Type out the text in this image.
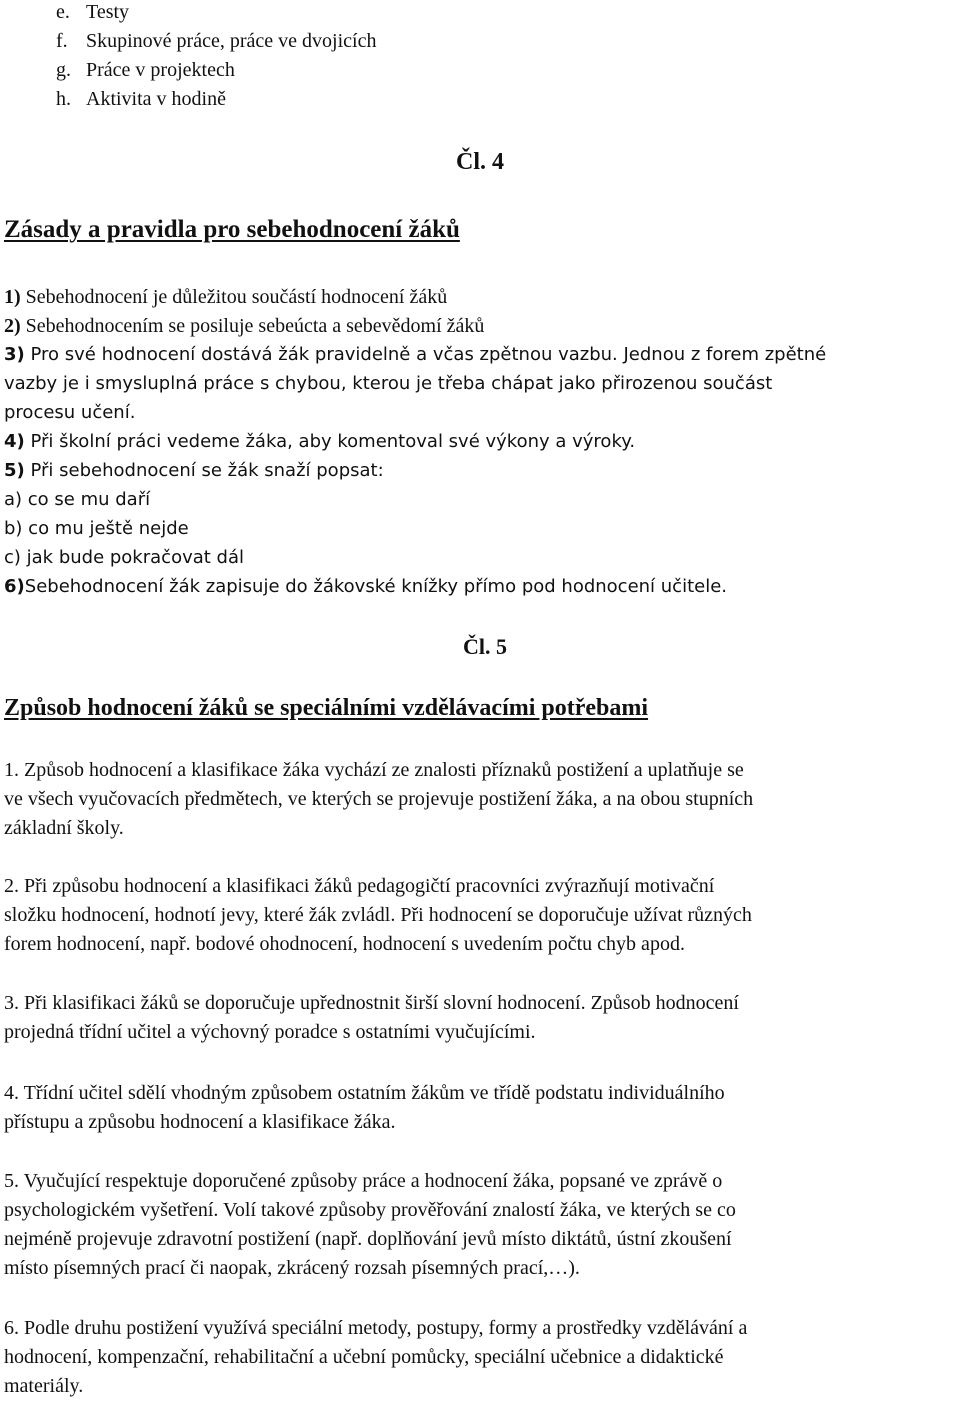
e. Testy
f. Skupinové práce, práce ve dvojicích
g. Práce v projektech
h. Aktivita v hodině
Čl. 4
Zásady a pravidla pro sebehodnocení žáků
1) Sebehodnocení je důležitou součástí hodnocení žáků
2) Sebehodnocením se posiluje sebeúcta a sebevědomí žáků
3) Pro své hodnocení dostává žák pravidelně a včas zpětnou vazbu. Jednou z forem zpětné
vazby je i smysluplná práce s chybou, kterou je třeba chápat jako přirozenou součást
procesu učení.
4) Při školní práci vedeme žáka, aby komentoval své výkony a výroky.
5) Při sebehodnocení se žák snaží popsat:
a) co se mu daří
b) co mu ještě nejde
c) jak bude pokračovat dál
6)Sebehodnocení žák zapisuje do žákovské knížky přímo pod hodnocení učitele.
Čl. 5
Způsob hodnocení žáků se speciálními vzdělávacími potřebami
1. Způsob hodnocení a klasifikace žáka vychází ze znalosti příznaků postižení a uplatňuje se
ve všech vyučovacích předmětech, ve kterých se projevuje postižení žáka, a na obou stupních
základní školy.
2. Při způsobu hodnocení a klasifikaci žáků pedagogičtí pracovníci zvýrazňují motivační
složku hodnocení, hodnotí jevy, které žák zvládl. Při hodnocení se doporučuje užívat různých
forem hodnocení, např. bodové ohodnocení, hodnocení s uvedením počtu chyb apod.
3. Při klasifikaci žáků se doporučuje upřednostnit širší slovní hodnocení. Způsob hodnocení
projedná třídní učitel a výchovný poradce s ostatními vyučujícími.
4. Třídní učitel sdělí vhodným způsobem ostatním žákům ve třídě podstatu individuálního
přístupu a způsobu hodnocení a klasifikace žáka.
5. Vyučující respektuje doporučené způsoby práce a hodnocení žáka, popsané ve zprávě o
psychologickém vyšetření. Volí takové způsoby prověřování znalostí žáka, ve kterých se co
nejméně projevuje zdravotní postižení (např. doplňování jevů místo diktátů, ústní zkoušení
místo písemných prací či naopak, zkrácený rozsah písemných prací,…).
6. Podle druhu postižení využívá speciální metody, postupy, formy a prostředky vzdělávání a
hodnocení, kompenzační, rehabilitační a učební pomůcky, speciální učebnice a didaktické
materiály.
